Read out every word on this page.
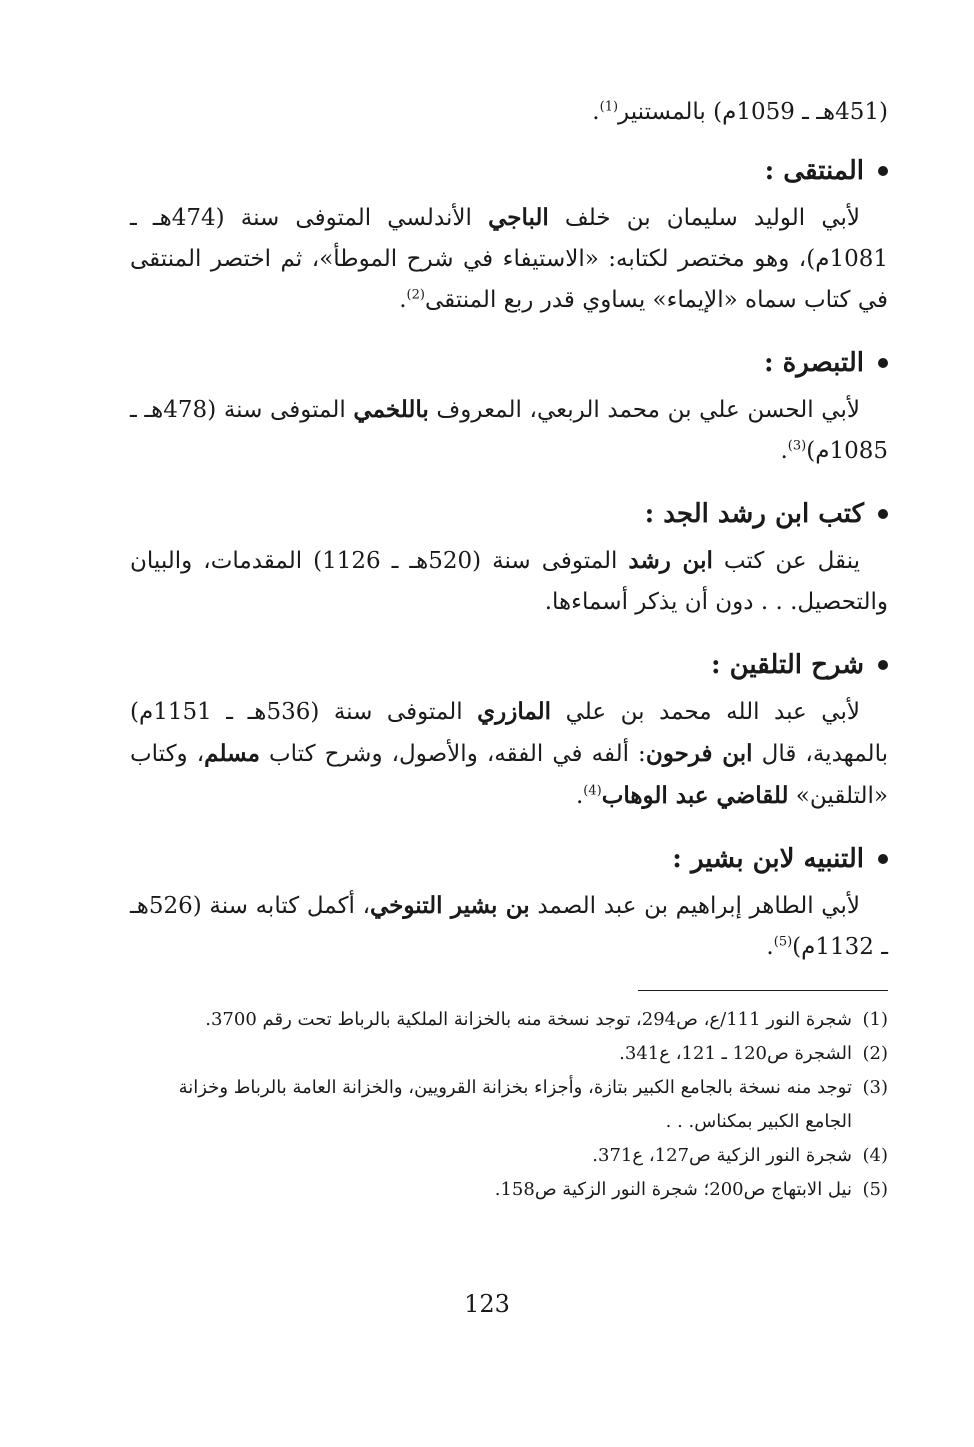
(451هـ ـ 1059م) بالمستنير$^{(1)}$.

المنتقى :

لأبي الوليد سليمان بن خلف الباجي الأندلسي المتوفى سنة (474هـ ـ 1081م)، وهو مختصر لكتابه: «الاستيفاء في شرح الموطأ»، ثم اختصر المنتقى في كتاب سماه «الإيماء» يساوي قدر ربع المنتقى$^{(2)}$.

التبصرة :

لأبي الحسن علي بن محمد الربعي، المعروف باللخمي المتوفى سنة (478هـ ـ 1085م)$^{(3)}$.

كتب ابن رشد الجد :

ينقل عن كتب ابن رشد المتوفى سنة (520هـ ـ 1126) المقدمات، والبيان والتحصيل. . . دون أن يذكر أسماءها.

شرح التلقين :

لأبي عبد الله محمد بن علي المازري المتوفى سنة (536هـ ـ 1151م) بالمهدية، قال ابن فرحون: ألفه في الفقه، والأصول، وشرح كتاب مسلم، وكتاب «التلقين» للقاضي عبد الوهاب$^{(4)}$.

التنبيه لابن بشير :

لأبي الطاهر إبراهيم بن عبد الصمد بن بشير التنوخي، أكمل كتابه سنة (526هـ ـ 1132م)$^{(5)}$.

(1)
شجرة النور 111/ع، ص294، توجد نسخة منه بالخزانة الملكية بالرباط تحت رقم 3700.
(2)
الشجرة ص120 ـ 121، ع341.
(3)
توجد منه نسخة بالجامع الكبير بتازة، وأجزاء بخزانة القرويين، والخزانة العامة بالرباط وخزانة الجامع الكبير بمكناس. . .
(4)
شجرة النور الزكية ص127، ع371.
(5)
نيل الابتهاج ص200؛ شجرة النور الزكية ص158.
123
